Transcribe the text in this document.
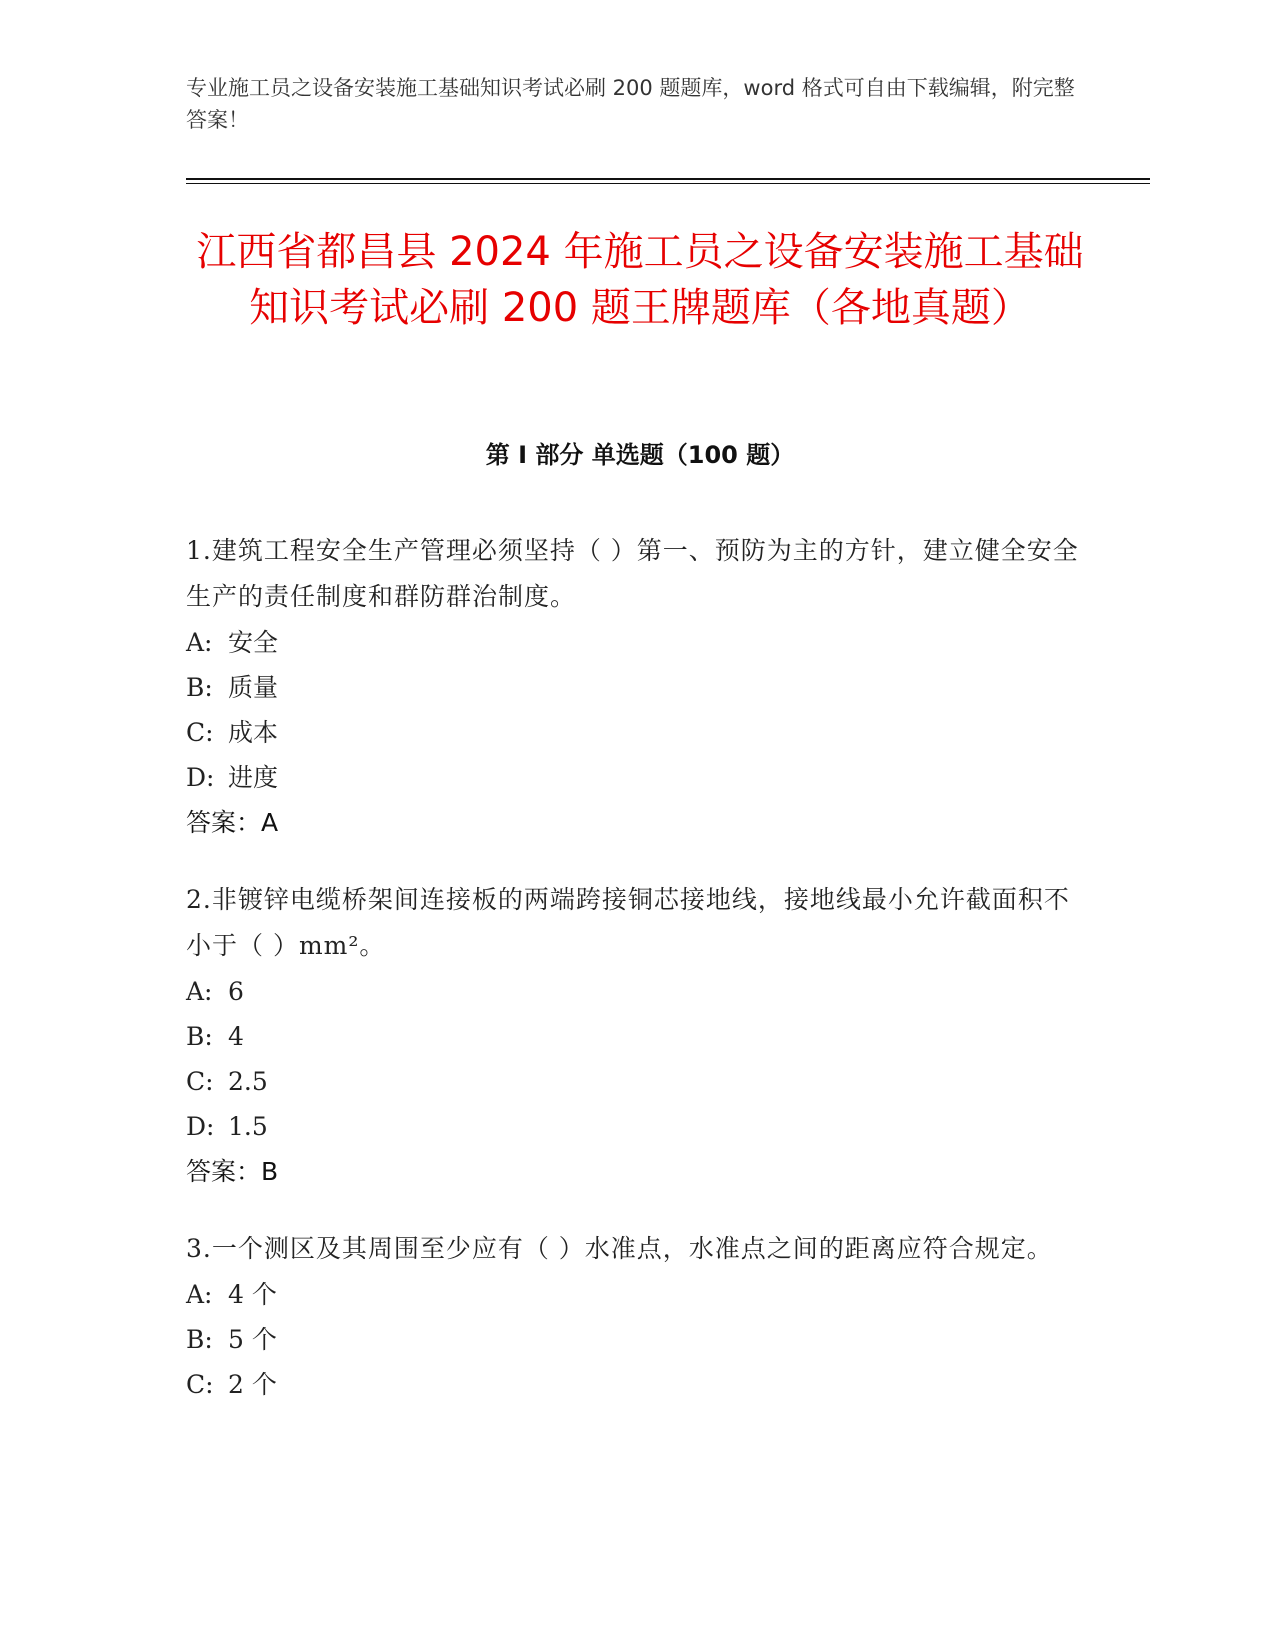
专业施工员之设备安装施工基础知识考试必刷 200 题题库，word 格式可自由下载编辑，附完整答案！
江西省都昌县 2024 年施工员之设备安装施工基础知识考试必刷 200 题王牌题库（各地真题）
第 I 部分 单选题（100 题）
1.建筑工程安全生产管理必须坚持（ ）第一、预防为主的方针，建立健全安全生产的责任制度和群防群治制度。
A: 安全
B: 质量
C: 成本
D: 进度
答案：A
2.非镀锌电缆桥架间连接板的两端跨接铜芯接地线，接地线最小允许截面积不小于（ ）mm²。
A: 6
B: 4
C: 2.5
D: 1.5
答案：B
3.一个测区及其周围至少应有（ ）水准点，水准点之间的距离应符合规定。
A: 4 个
B: 5 个
C: 2 个
